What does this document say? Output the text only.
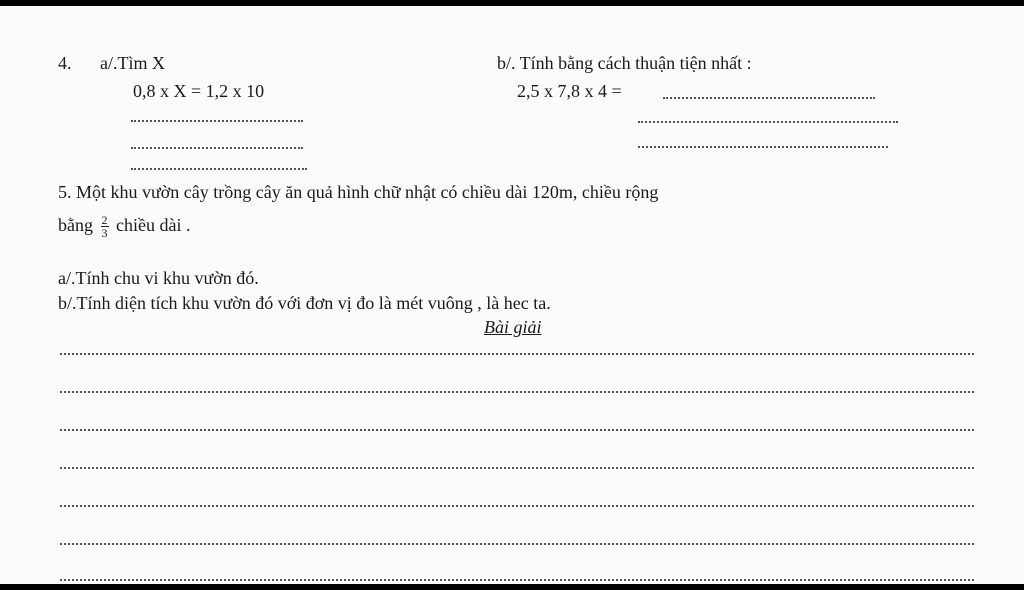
4. a/.Tìm X
0,8 x X = 1,2 x 10
b/. Tính bằng cách thuận tiện nhất :
2,5 x 7,8 x 4 =
5. Một khu vườn cây trồng cây ăn quả hình chữ nhật có chiều dài 120m, chiều rộng
bằng $\frac{2}{3}$ chiều dài .
a/.Tính chu vi khu vườn đó.
b/.Tính diện tích khu vườn đó với đơn vị đo là mét vuông , là hec ta.
Bài giải
